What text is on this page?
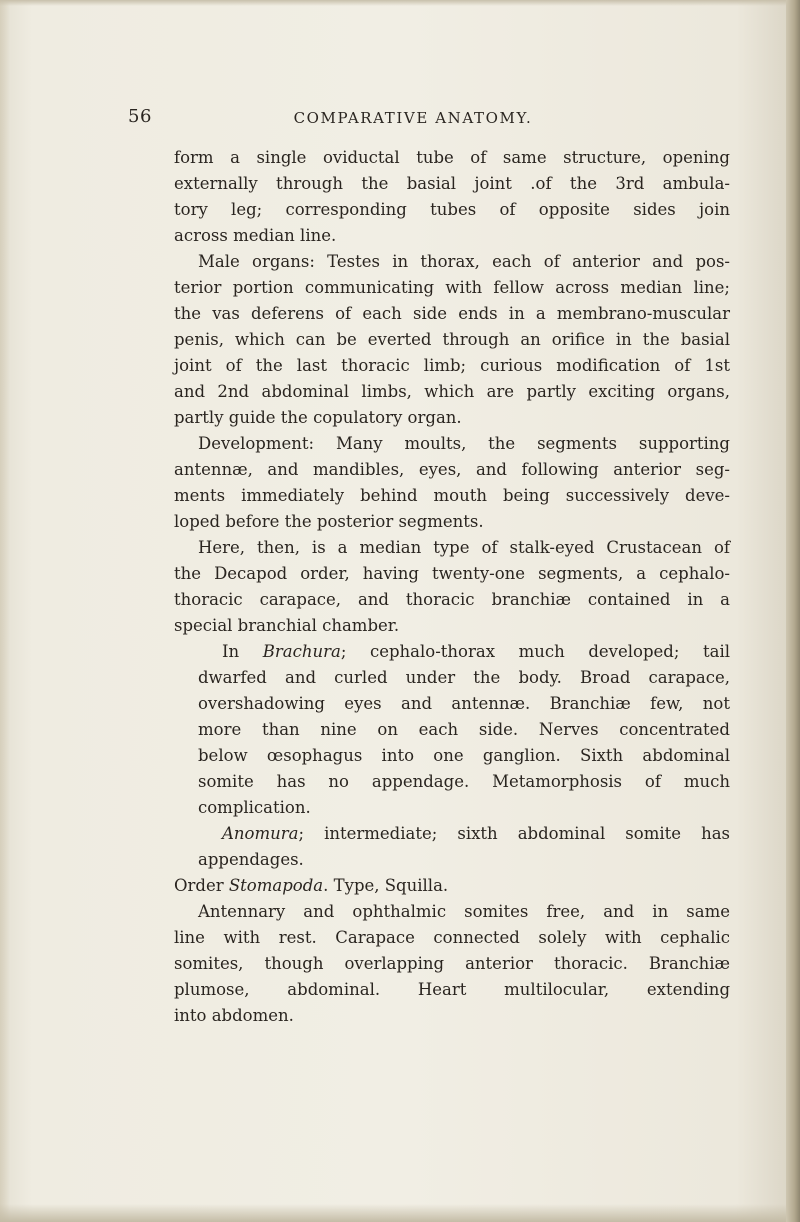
56	COMPARATIVE ANATOMY.
form a single oviductal tube of same structure, opening
externally through the basial joint .of the 3rd ambula-
tory leg; corresponding tubes of opposite sides join
across median line.
Male organs: Testes in thorax, each of anterior and pos-
terior portion communicating with fellow across median line;
the vas deferens of each side ends in a membrano-muscular
penis, which can be everted through an orifice in the basial
joint of the last thoracic limb; curious modification of 1st
and 2nd abdominal limbs, which are partly exciting organs,
partly guide the copulatory organ.
Development: Many moults, the segments supporting
antennæ, and mandibles, eyes, and following anterior seg-
ments immediately behind mouth being successively deve-
loped before the posterior segments.
Here, then, is a median type of stalk-eyed Crustacean of
the Decapod order, having twenty-one segments, a cephalo-
thoracic carapace, and thoracic branchiæ contained in a
special branchial chamber.
In Brachura; cephalo-thorax much developed; tail
dwarfed and curled under the body. Broad carapace,
overshadowing eyes and antennæ. Branchiæ few, not
more than nine on each side. Nerves concentrated
below œsophagus into one ganglion. Sixth abdominal
somite has no appendage. Metamorphosis of much
complication.
Anomura; intermediate; sixth abdominal somite has
appendages.
Order Stomapoda. Type, Squilla.
Antennary and ophthalmic somites free, and in same
line with rest. Carapace connected solely with cephalic
somites, though overlapping anterior thoracic. Branchiæ
plumose, abdominal. Heart multilocular, extending
into abdomen.
